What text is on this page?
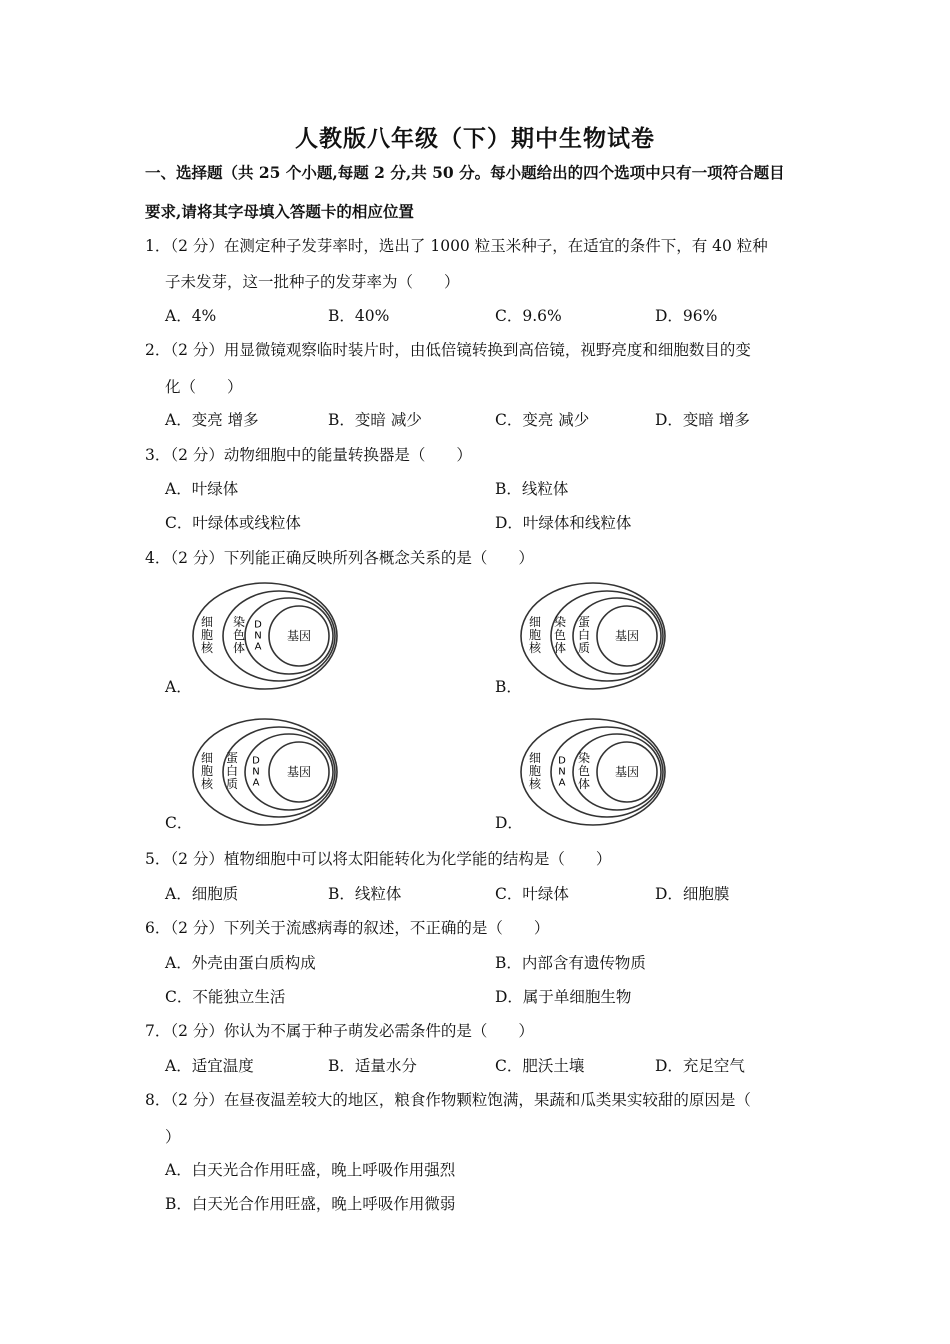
人教版八年级（下）期中生物试卷
一、选择题（共 25 个小题,每题 2 分,共 50 分。每小题给出的四个选项中只有一项符合题目
要求,请将其字母填入答题卡的相应位置
1．（2 分）在测定种子发芽率时，选出了 1000 粒玉米种子，在适宜的条件下，有 40 粒种
子未发芽，这一批种子的发芽率为（　　）
A．4%	B．40%	C．9.6%	D．96%
2．（2 分）用显微镜观察临时装片时，由低倍镜转换到高倍镜，视野亮度和细胞数目的变
化（　　）
A．变亮 增多	B．变暗 减少	C．变亮 减少	D．变暗 增多
3．（2 分）动物细胞中的能量转换器是（　　）
A．叶绿体	B．线粒体
C．叶绿体或线粒体	D．叶绿体和线粒体
4．（2 分）下列能正确反映所列各概念关系的是（　　）
细胞核
染色体
D N A
基因
A．
细胞核
染色体
蛋白质
基因
B．
细胞核
蛋白质
D N A
基因
C．
细胞核
D N A
染色体
基因
D．
5．（2 分）植物细胞中可以将太阳能转化为化学能的结构是（　　）
A．细胞质	B．线粒体	C．叶绿体	D．细胞膜
6．（2 分）下列关于流感病毒的叙述，不正确的是（　　）
A．外壳由蛋白质构成	B．内部含有遗传物质
C．不能独立生活	D．属于单细胞生物
7．（2 分）你认为不属于种子萌发必需条件的是（　　）
A．适宜温度	B．适量水分	C．肥沃土壤	D．充足空气
8．（2 分）在昼夜温差较大的地区，粮食作物颗粒饱满，果蔬和瓜类果实较甜的原因是（
）
A．白天光合作用旺盛，晚上呼吸作用强烈
B．白天光合作用旺盛，晚上呼吸作用微弱
